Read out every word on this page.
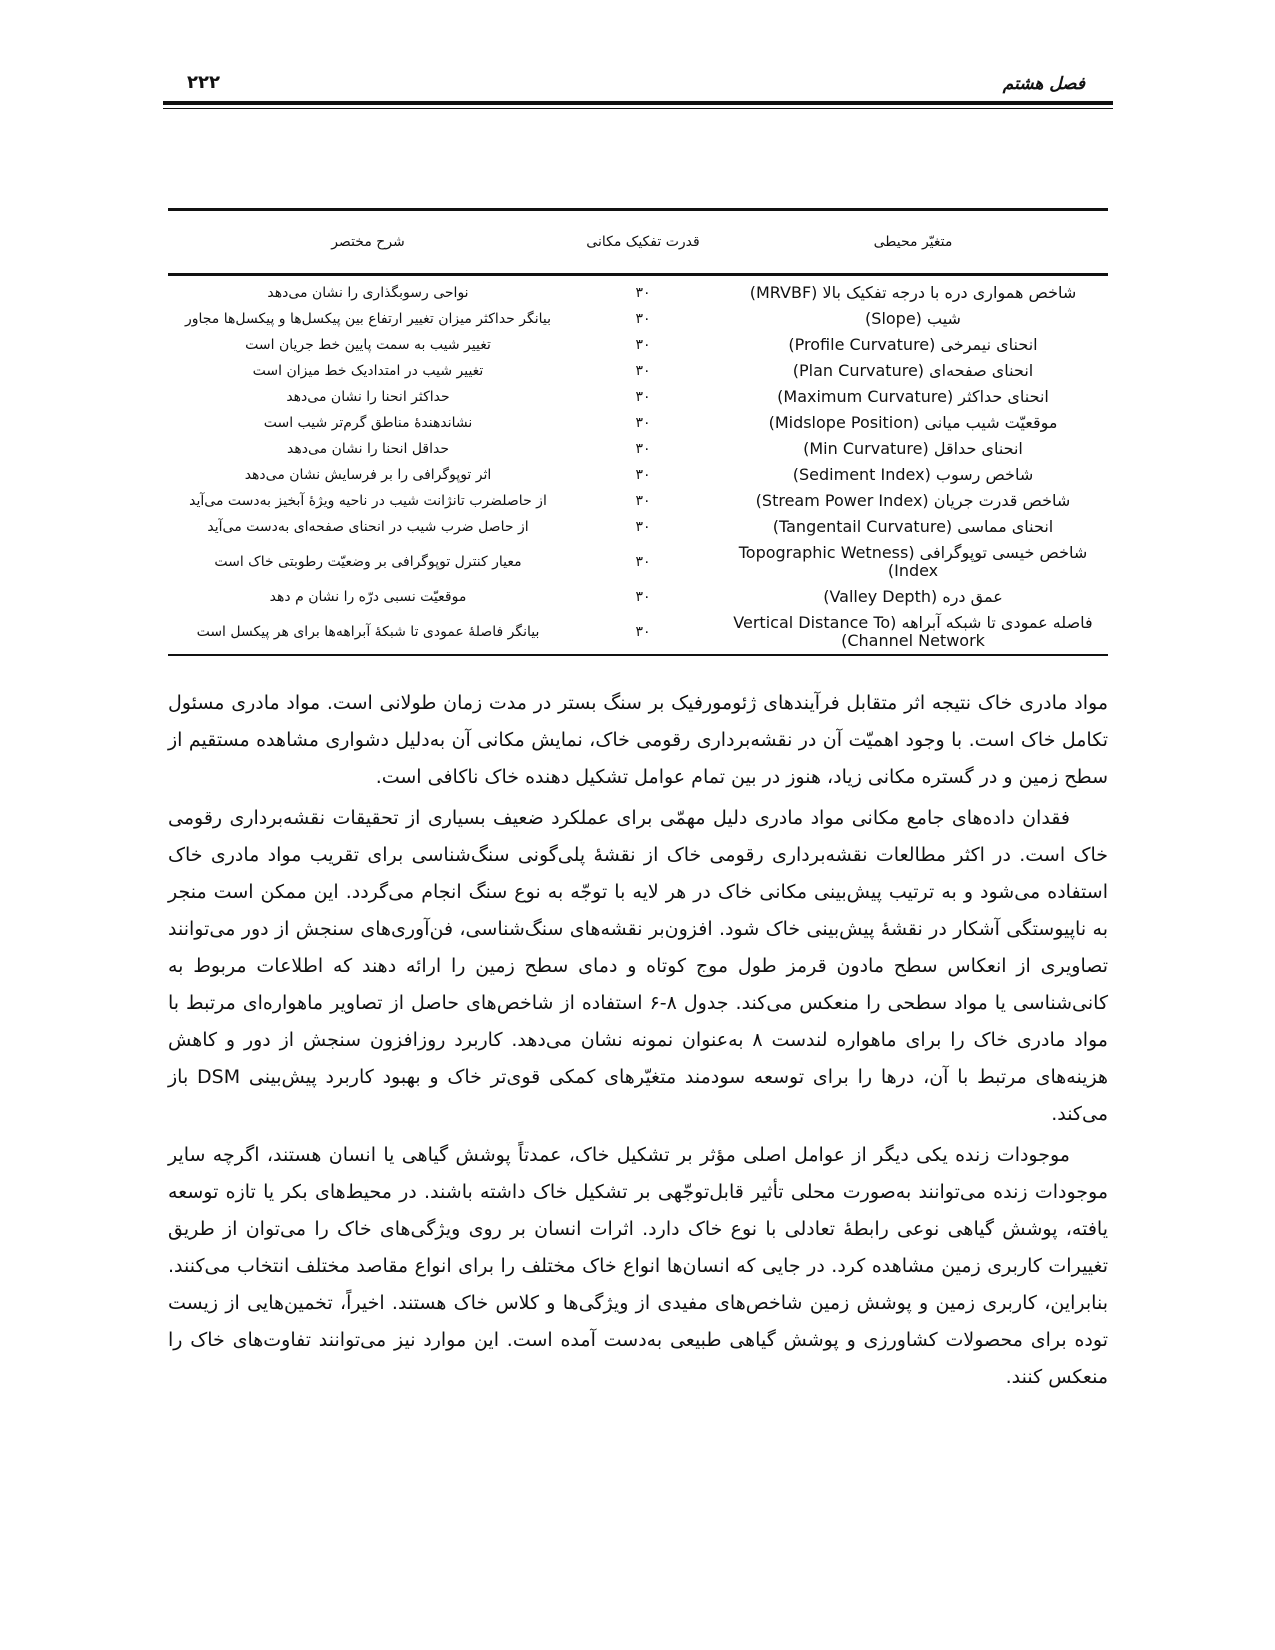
فصل هشتم
۲۲۲
متغیّر محیطی	قدرت تفکیک مکانی	شرح مختصر
شاخص همواری دره با درجه تفکیک بالا (MRVBF)	۳۰	نواحی رسوبگذاری را نشان می‌دهد
شیب (Slope)	۳۰	بیانگر حداکثر میزان تغییر ارتفاع بین پیکسل‌ها و پیکسل‌ها مجاور
انحنای نیمرخی (Profile Curvature)	۳۰	تغییر شیب به سمت پایین خط جریان است
انحنای صفحه‌ای (Plan Curvature)	۳۰	تغییر شیب در امتدادیک خط میزان است
انحنای حداکثر (Maximum Curvature)	۳۰	حداکثر انحنا را نشان می‌دهد
موقعیّت شیب میانی (Midslope Position)	۳۰	نشاندهندهٔ مناطق گرم‌تر شیب است
انحنای حداقل (Min Curvature)	۳۰	حداقل انحنا را نشان می‌دهد
شاخص رسوب (Sediment Index)	۳۰	اثر توپوگرافی را بر فرسایش نشان می‌دهد
شاخص قدرت جریان (Stream Power Index)	۳۰	از حاصلضرب تانژانت شیب در ناحیه ویژهٔ آبخیز به‌دست می‌آید
انحنای مماسی (Tangentail Curvature)	۳۰	از حاصل ضرب شیب در انحنای صفحه‌ای به‌دست می‌آید
شاخص خیسی توپوگرافی (Topographic Wetness Index)	۳۰	معیار کنترل توپوگرافی بر وضعیّت رطوبتی خاک است
عمق دره (Valley Depth)	۳۰	موقعیّت نسبی درّه را نشان م دهد
فاصله عمودی تا شبکه آبراهه (Vertical Distance To Channel Network)	۳۰	بیانگر فاصلهٔ عمودی تا شبکهٔ آبراهه‌ها برای هر پیکسل است

مواد مادری خاک نتیجه اثر متقابل فرآیندهای ژئومورفیک بر سنگ بستر در مدت زمان طولانی است. مواد مادری مسئول تکامل خاک است. با وجود اهمیّت آن در نقشه‌برداری رقومی خاک، نمایش مکانی آن به‌دلیل دشواری مشاهده مستقیم از سطح زمین و در گستره مکانی زیاد، هنوز در بین تمام عوامل تشکیل دهنده خاک ناکافی است.

فقدان داده‌های جامع مکانی مواد مادری دلیل مهمّی برای عملکرد ضعیف بسیاری از تحقیقات نقشه‌برداری رقومی خاک است. در اکثر مطالعات نقشه‌برداری رقومی خاک از نقشهٔ پلی‌گونی سنگ‌شناسی برای تقریب مواد مادری خاک استفاده می‌شود و به ترتیب پیش‌بینی مکانی خاک در هر لایه با توجّه به نوع سنگ انجام می‌گردد. این ممکن است منجر به ناپیوستگی آشکار در نقشهٔ پیش‌بینی خاک شود. افزون‌بر نقشه‌های سنگ‌شناسی، فن‌آوری‌های سنجش از دور می‌توانند تصاویری از انعکاس سطح مادون قرمز طول موج کوتاه و دمای سطح زمین را ارائه دهند که اطلاعات مربوط به کانی‌شناسی یا مواد سطحی را منعکس می‌کند. جدول ۸-۶ استفاده از شاخص‌های حاصل از تصاویر ماهواره‌ای مرتبط با مواد مادری خاک را برای ماهواره لندست ۸ به‌عنوان نمونه نشان می‌دهد. کاربرد روزافزون سنجش از دور و کاهش هزینه‌های مرتبط با آن، درها را برای توسعه سودمند متغیّرهای کمکی قوی‌تر خاک و بهبود کاربرد پیش‌بینی DSM باز می‌کند.

موجودات زنده یکی دیگر از عوامل اصلی مؤثر بر تشکیل خاک، عمدتاً پوشش گیاهی یا انسان هستند، اگرچه سایر موجودات زنده می‌توانند به‌صورت محلی تأثیر قابل‌توجّهی بر تشکیل خاک داشته باشند. در محیط‌های بکر یا تازه توسعه یافته، پوشش گیاهی نوعی رابطهٔ تعادلی با نوع خاک دارد. اثرات انسان بر روی ویژگی‌های خاک را می‌توان از طریق تغییرات کاربری زمین مشاهده کرد. در جایی که انسان‌ها انواع خاک مختلف را برای انواع مقاصد مختلف انتخاب می‌کنند. بنابراین، کاربری زمین و پوشش زمین شاخص‌های مفیدی از ویژگی‌ها و کلاس خاک هستند. اخیراً، تخمین‌هایی از زیست توده برای محصولات کشاورزی و پوشش گیاهی طبیعی به‌دست آمده است. این موارد نیز می‌توانند تفاوت‌های خاک را منعکس کنند.
